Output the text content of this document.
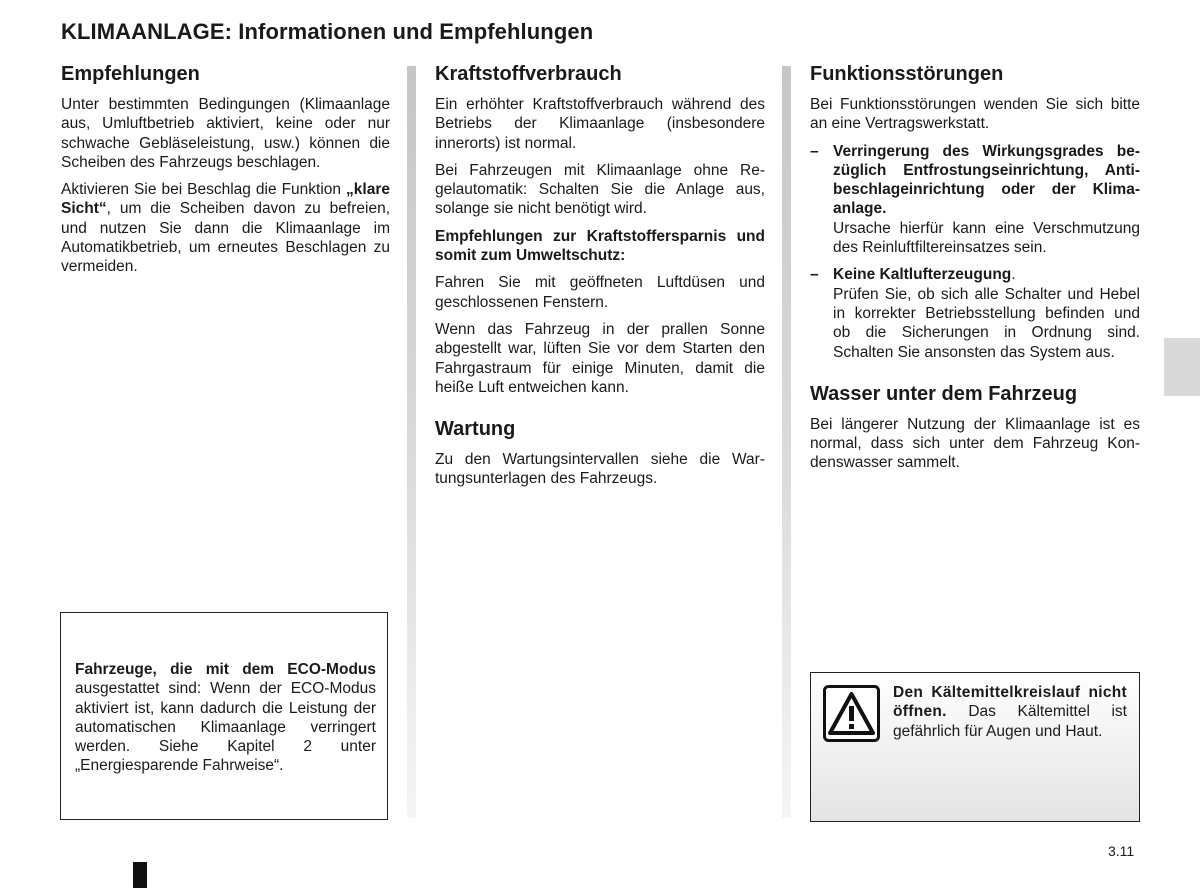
KLIMAANLAGE: Informationen und Empfehlungen
Empfehlungen

Unter bestimmten Bedingungen (Klimaanlage aus, Umluftbetrieb aktiviert, keine oder nur schwache Gebläseleistung, usw.) können die Scheiben des Fahrzeugs beschlagen.

Aktivieren Sie bei Beschlag die Funktion „klare Sicht“, um die Scheiben davon zu befreien, und nutzen Sie dann die Klimaanlage im Automatikbetrieb, um erneutes Beschlagen zu vermeiden.

Kraftstoffverbrauch

Ein erhöhter Kraftstoffverbrauch während des Betriebs der Klimaanlage (insbesondere innerorts) ist normal.

Bei Fahrzeugen mit Klimaanlage ohne Regelautomatik: Schalten Sie die Anlage aus, solange sie nicht benötigt wird.

Empfehlungen zur Kraftstoffersparnis und somit zum Umweltschutz:

Fahren Sie mit geöffneten Luftdüsen und geschlossenen Fenstern.

Wenn das Fahrzeug in der prallen Sonne abgestellt war, lüften Sie vor dem Starten den Fahrgastraum für einige Minuten, damit die heiße Luft entweichen kann.

Wartung

Zu den Wartungsintervallen siehe die Wartungsunterlagen des Fahrzeugs.

Funktionsstörungen

Bei Funktionsstörungen wenden Sie sich bitte an eine Vertragswerkstatt.

– Verringerung des Wirkungsgrades bezüglich Entfrostungseinrichtung, Antibeschlageinrichtung oder der Klimaanlage.
Ursache hierfür kann eine Verschmutzung des Reinluftfiltereinsatzes sein.
– Keine Kaltlufterzeugung.
Prüfen Sie, ob sich alle Schalter und Hebel in korrekter Betriebsstellung befinden und ob die Sicherungen in Ordnung sind. Schalten Sie ansonsten das System aus.
Wasser unter dem Fahrzeug

Bei längerer Nutzung der Klimaanlage ist es normal, dass sich unter dem Fahrzeug Kondenswasser sammelt.

Fahrzeuge, die mit dem ECO-Modus ausgestattet sind: Wenn der ECO-Modus aktiviert ist, kann dadurch die Leistung der automatischen Klimaanlage verringert werden. Siehe Kapitel 2 unter „Energiesparende Fahrweise“.

Den Kältemittelkreislauf nicht öffnen. Das Kältemittel ist gefährlich für Augen und Haut.

3.11
